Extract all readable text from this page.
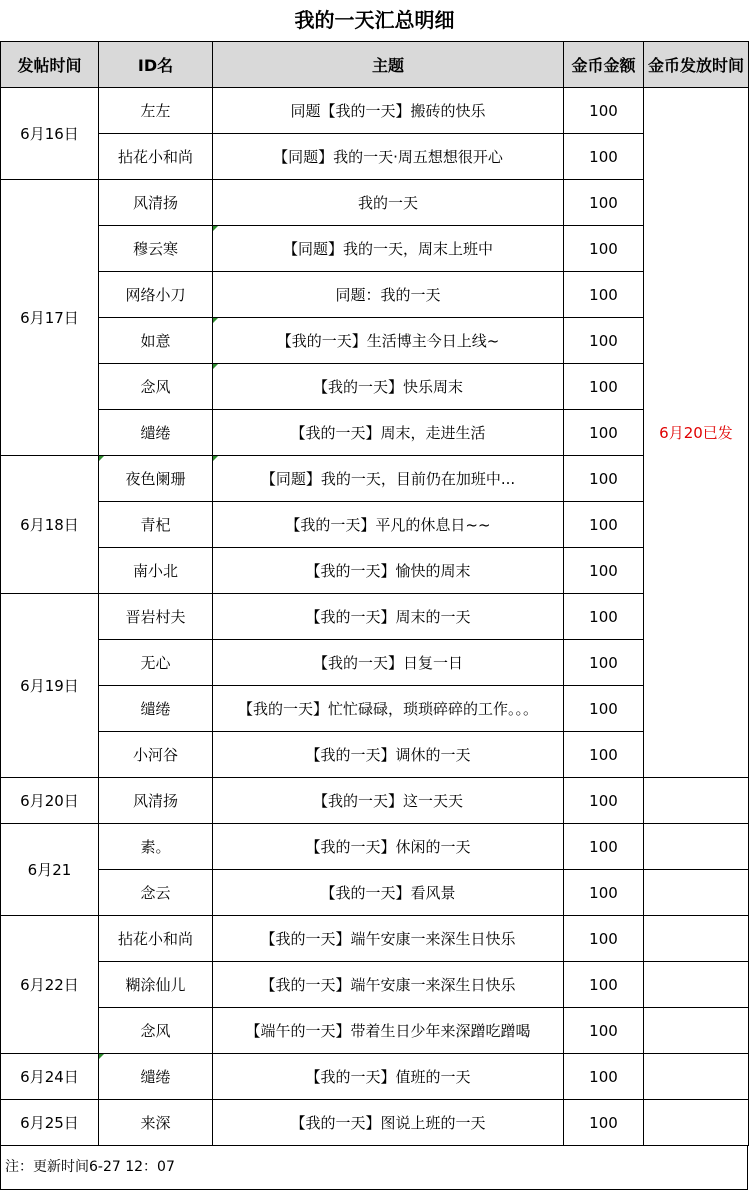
我的一天汇总明细
发帖时间	ID名	主题	金币金额	金币发放时间
6月16日	左左	同题【我的一天】搬砖的快乐	100	6月20已发
	拈花小和尚	【同题】我的一天·周五想想很开心	100	
6月17日	风清扬	我的一天	100	
	穆云寒	【同题】我的一天，周末上班中	100	
	网络小刀	同题：我的一天	100	
	如意	【我的一天】生活博主今日上线~	100	
	念风	【我的一天】快乐周末	100	
	缱绻	【我的一天】周末，走进生活	100	
6月18日	夜色阑珊	【同题】我的一天，目前仍在加班中...	100	
	青杞	【我的一天】平凡的休息日~~	100	
	南小北	【我的一天】愉快的周末	100	
6月19日	晋岩村夫	【我的一天】周末的一天	100	
	无心	【我的一天】日复一日	100	
	缱绻	【我的一天】忙忙碌碌，琐琐碎碎的工作。。。	100	
	小河谷	【我的一天】调休的一天	100	
6月20日	风清扬	【我的一天】这一天天	100	
6月21	素。	【我的一天】休闲的一天	100	
	念云	【我的一天】看风景	100	
6月22日	拈花小和尚	【我的一天】端午安康一来深生日快乐	100	
	糊涂仙儿	【我的一天】端午安康一来深生日快乐	100	
	念风	【端午的一天】带着生日少年来深蹭吃蹭喝	100	
6月24日	缱绻	【我的一天】值班的一天	100	
6月25日	来深	【我的一天】图说上班的一天	100	
注：更新时间6-27 12：07
